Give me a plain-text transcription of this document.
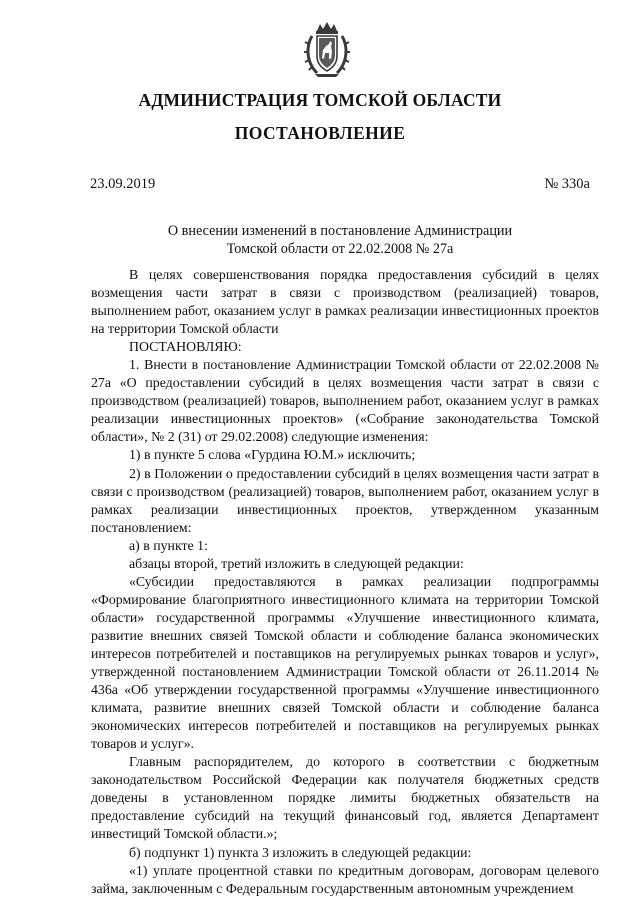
АДМИНИСТРАЦИЯ ТОМСКОЙ ОБЛАСТИ
ПОСТАНОВЛЕНИЕ
23.09.2019	№ 330а
О внесении изменений в постановление Администрации
Томской области от 22.02.2008 № 27а

В целях совершенствования порядка предоставления субсидий в целях возмещения части затрат в связи с производством (реализацией) товаров, выполнением работ, оказанием услуг в рамках реализации инвестиционных проектов на территории Томской области

ПОСТАНОВЛЯЮ:

1. Внести в постановление Администрации Томской области от 22.02.2008 № 27а «О предоставлении субсидий в целях возмещения части затрат в связи с производством (реализацией) товаров, выполнением работ, оказанием услуг в рамках реализации инвестиционных проектов» («Собрание законодательства Томской области», № 2 (31) от 29.02.2008) следующие изменения:

1) в пункте 5 слова «Гурдина Ю.М.» исключить;

2) в Положении о предоставлении субсидий в целях возмещения части затрат в связи с производством (реализацией) товаров, выполнением работ, оказанием услуг в рамках реализации инвестиционных проектов, утвержденном указанным постановлением:

а) в пункте 1:

абзацы второй, третий изложить в следующей редакции:

«Субсидии предоставляются в рамках реализации подпрограммы «Формирование благоприятного инвестиционного климата на территории Томской области» государственной программы «Улучшение инвестиционного климата, развитие внешних связей Томской области и соблюдение баланса экономических интересов потребителей и поставщиков на регулируемых рынках товаров и услуг», утвержденной постановлением Администрации Томской области от 26.11.2014 № 436а «Об утверждении государственной программы «Улучшение инвестиционного климата, развитие внешних связей Томской области и соблюдение баланса экономических интересов потребителей и поставщиков на регулируемых рынках товаров и услуг».

Главным распорядителем, до которого в соответствии с бюджетным законодательством Российской Федерации как получателя бюджетных средств доведены в установленном порядке лимиты бюджетных обязательств на предоставление субсидий на текущий финансовый год, является Департамент инвестиций Томской области.»;

б) подпункт 1) пункта 3 изложить в следующей редакции:

«1) уплате процентной ставки по кредитным договорам, договорам целевого займа, заключенным с Федеральным государственным автономным учреждением
